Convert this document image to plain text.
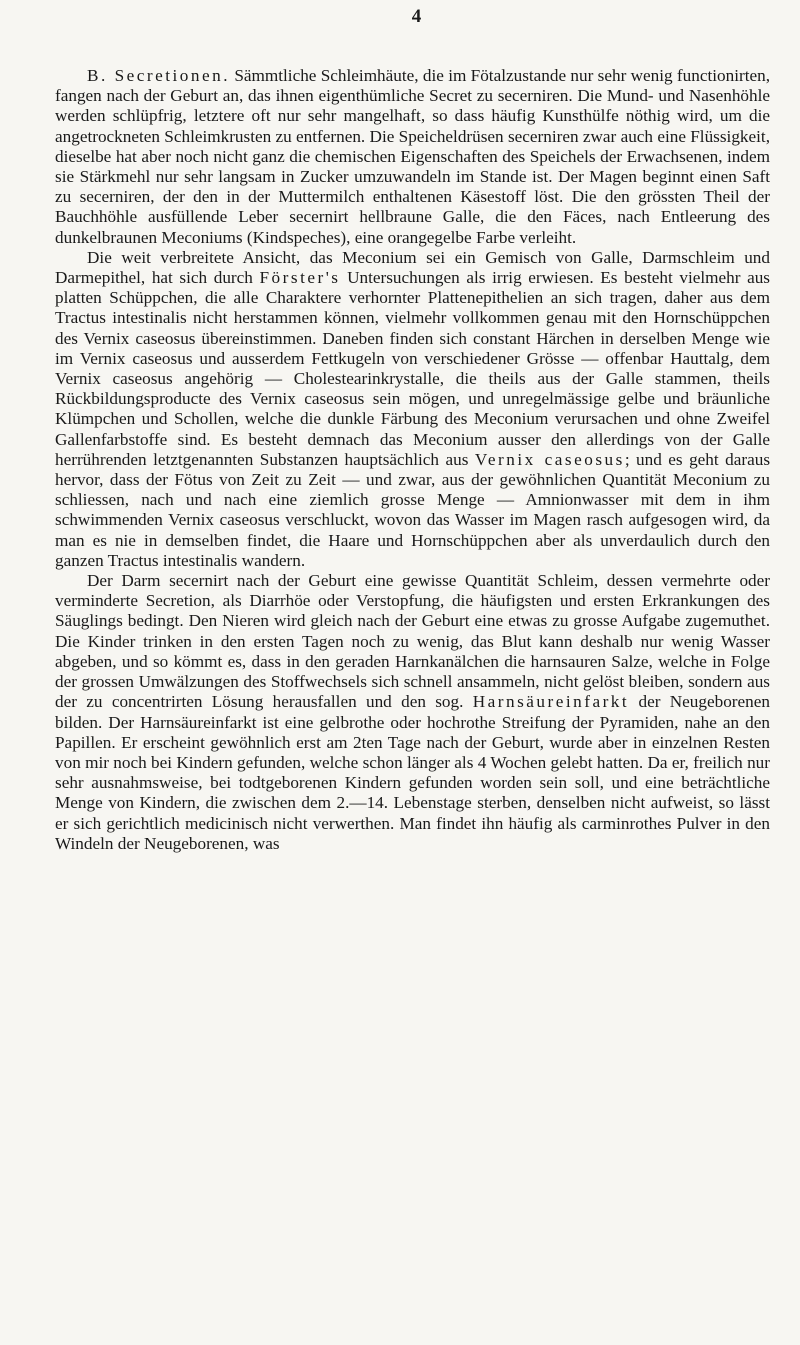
4

B. Secretionen. Sämmtliche Schleimhäute, die im Fötalzustande nur sehr wenig functionirten, fangen nach der Geburt an, das ihnen eigenthümliche Secret zu secerniren. Die Mund- und Nasenhöhle werden schlüpfrig, letztere oft nur sehr mangelhaft, so dass häufig Kunsthülfe nöthig wird, um die angetrockneten Schleimkrusten zu entfernen. Die Speicheldrüsen secerniren zwar auch eine Flüssigkeit, dieselbe hat aber noch nicht ganz die chemischen Eigenschaften des Speichels der Erwachsenen, indem sie Stärkmehl nur sehr langsam in Zucker umzuwandeln im Stande ist. Der Magen beginnt einen Saft zu secerniren, der den in der Muttermilch enthaltenen Käsestoff löst. Die den grössten Theil der Bauchhöhle ausfüllende Leber secernirt hellbraune Galle, die den Fäces, nach Entleerung des dunkelbraunen Meconiums (Kindspeches), eine orangegelbe Farbe verleiht.

Die weit verbreitete Ansicht, das Meconium sei ein Gemisch von Galle, Darmschleim und Darmepithel, hat sich durch Förster's Untersuchungen als irrig erwiesen. Es besteht vielmehr aus platten Schüppchen, die alle Charaktere verhornter Plattenepithelien an sich tragen, daher aus dem Tractus intestinalis nicht herstammen können, vielmehr vollkommen genau mit den Hornschüppchen des Vernix caseosus übereinstimmen. Daneben finden sich constant Härchen in derselben Menge wie im Vernix caseosus und ausserdem Fettkugeln von verschiedener Grösse — offenbar Hauttalg, dem Vernix caseosus angehörig — Cholestearinkrystalle, die theils aus der Galle stammen, theils Rückbildungsproducte des Vernix caseosus sein mögen, und unregelmässige gelbe und bräunliche Klümpchen und Schollen, welche die dunkle Färbung des Meconium verursachen und ohne Zweifel Gallenfarbstoffe sind. Es besteht demnach das Meconium ausser den allerdings von der Galle herrührenden letztgenannten Substanzen hauptsächlich aus Vernix caseosus; und es geht daraus hervor, dass der Fötus von Zeit zu Zeit — und zwar, aus der gewöhnlichen Quantität Meconium zu schliessen, nach und nach eine ziemlich grosse Menge — Amnionwasser mit dem in ihm schwimmenden Vernix caseosus verschluckt, wovon das Wasser im Magen rasch aufgesogen wird, da man es nie in demselben findet, die Haare und Hornschüppchen aber als unverdaulich durch den ganzen Tractus intestinalis wandern.

Der Darm secernirt nach der Geburt eine gewisse Quantität Schleim, dessen vermehrte oder verminderte Secretion, als Diarrhöe oder Verstopfung, die häufigsten und ersten Erkrankungen des Säuglings bedingt. Den Nieren wird gleich nach der Geburt eine etwas zu grosse Aufgabe zugemuthet. Die Kinder trinken in den ersten Tagen noch zu wenig, das Blut kann deshalb nur wenig Wasser abgeben, und so kömmt es, dass in den geraden Harnkanälchen die harnsauren Salze, welche in Folge der grossen Umwälzungen des Stoffwechsels sich schnell ansammeln, nicht gelöst bleiben, sondern aus der zu concentrirten Lösung herausfallen und den sog. Harnsäureinfarkt der Neugeborenen bilden. Der Harnsäureinfarkt ist eine gelbrothe oder hochrothe Streifung der Pyramiden, nahe an den Papillen. Er erscheint gewöhnlich erst am 2ten Tage nach der Geburt, wurde aber in einzelnen Resten von mir noch bei Kindern gefunden, welche schon länger als 4 Wochen gelebt hatten. Da er, freilich nur sehr ausnahmsweise, bei todtgeborenen Kindern gefunden worden sein soll, und eine beträchtliche Menge von Kindern, die zwischen dem 2.—14. Lebenstage sterben, denselben nicht aufweist, so lässt er sich gerichtlich medicinisch nicht verwerthen. Man findet ihn häufig als carminrothes Pulver in den Windeln der Neugeborenen, was
